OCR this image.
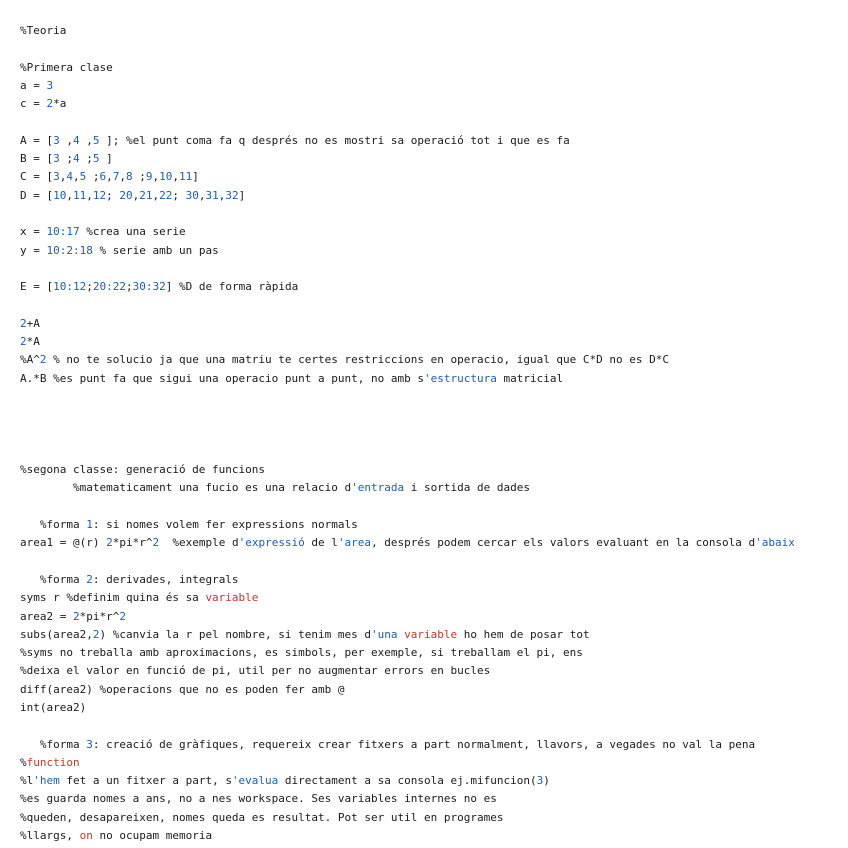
%Teoria
%Primera clase
a = 3
c = 2*a
A = [3 ,4 ,5 ]; %el punt coma fa q després no es mostri sa operació tot i que es fa
B = [3 ;4 ;5 ]
C = [3,4,5 ;6,7,8 ;9,10,11]
D = [10,11,12; 20,21,22; 30,31,32]
x = 10:17 %crea una serie
y = 10:2:18 % serie amb un pas
E = [10:12;20:22;30:32] %D de forma ràpida
2+A
2*A
%A^2 % no te solucio ja que una matriu te certes restriccions en operacio, igual que C*D no es D*C
A.*B %es punt fa que sigui una operacio punt a punt, no amb s'estructura matricial
%segona classe: generació de funcions
%matematicament una fucio es una relacio d'entrada i sortida de dades
%forma 1: si nomes volem fer expressions normals
area1 = @(r) 2*pi*r^2  %exemple d'expressió de l'area, després podem cercar els valors evaluant en la consola d'abaix
%forma 2: derivades, integrals
syms r %definim quina és sa variable
area2 = 2*pi*r^2
subs(area2,2) %canvia la r pel nombre, si tenim mes d'una variable ho hem de posar tot
%syms no treballa amb aproximacions, es simbols, per exemple, si treballam el pi, ens
%deixa el valor en funció de pi, util per no augmentar errors en bucles
diff(area2) %operacions que no es poden fer amb @
int(area2)
%forma 3: creació de gràfiques, requereix crear fitxers a part normalment, llavors, a vegades no val la pena
%function
%l'hem fet a un fitxer a part, s'evalua directament a sa consola ej.mifuncion(3)
%es guarda nomes a ans, no a nes workspace. Ses variables internes no es
%queden, desapareixen, nomes queda es resultat. Pot ser util en programes
%llargs, on no ocupam memoria
